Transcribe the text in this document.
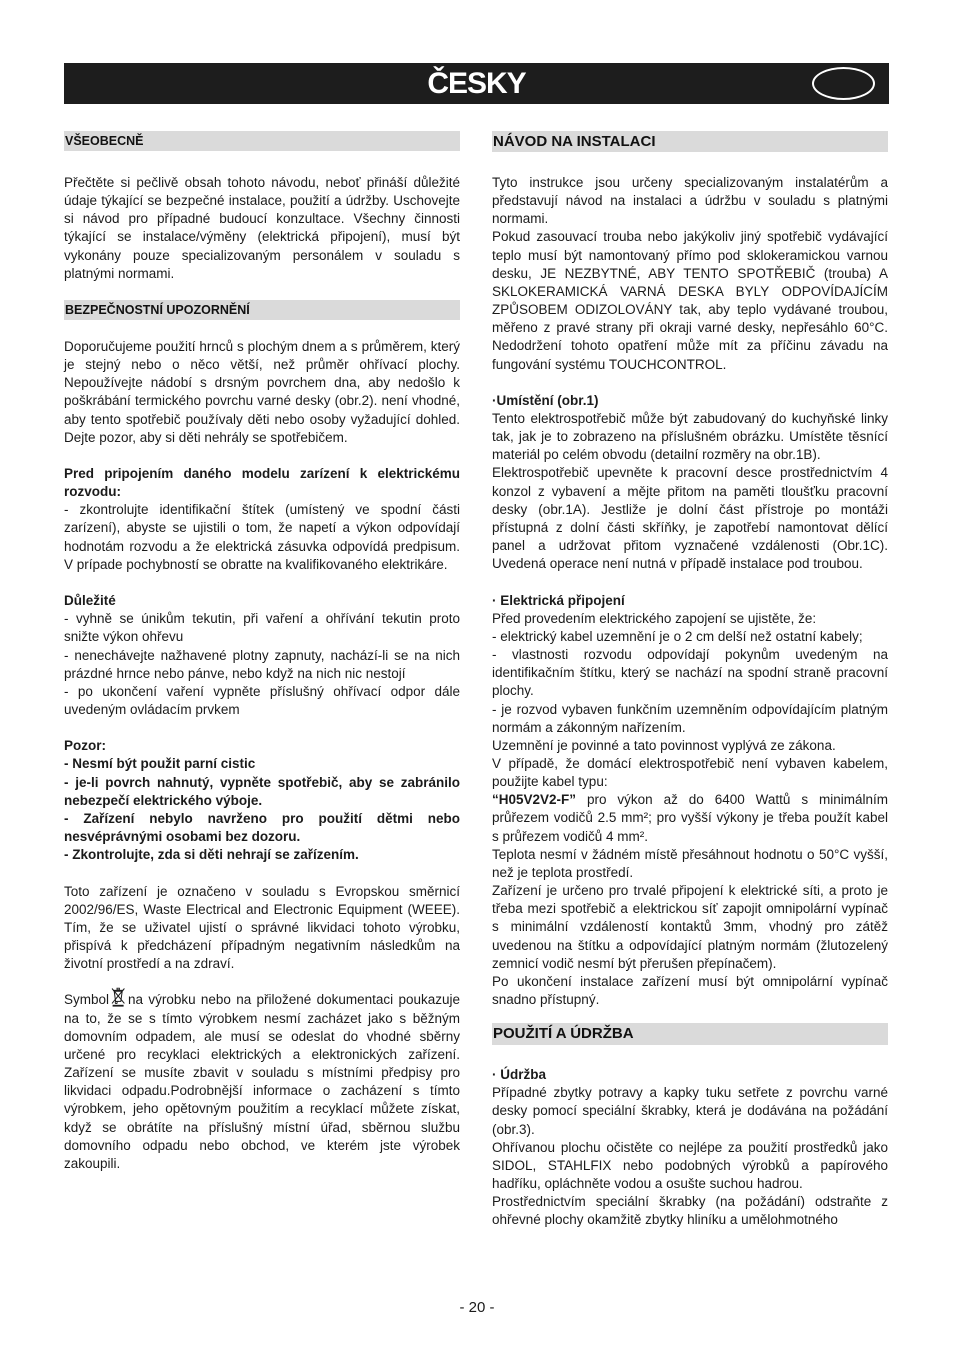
ČESKY
VŠEOBECNĚ
Přečtěte si pečlivě obsah tohoto návodu, neboť přináší důležité údaje týkající se bezpečné instalace, použití a údržby. Uschovejte si návod pro případné budoucí konzultace. Všechny činnosti týkající se instalace/výměny (elektrická připojení), musí být vykonány pouze specializovaným personálem v souladu s platnými normami.
BEZPEČNOSTNÍ UPOZORNĚNÍ
Doporučujeme použití hrnců s plochým dnem a s průměrem, který je stejný nebo o něco větší, než průměr ohřívací plochy. Nepoužívejte nádobí s drsným povrchem dna, aby nedošlo k poškrábání termického povrchu varné desky (obr.2). není vhodné, aby tento spotřebič používaly děti nebo osoby vyžadující dohled. Dejte pozor, aby si děti nehrály se spotřebičem.
Pred pripojením daného modelu zarízení k elektrickému rozvodu:
- zkontrolujte identifikační štítek (umístený ve spodní části zarízení), abyste se ujistili o tom, že napetí a výkon odpovídají hodnotám rozvodu a že elektrická zásuvka odpovídá predpisum. V prípade pochybností se obratte na kvalifikovaného elektrikáre.
Důležité
- vyhně se únikům tekutin, při vaření a ohřívání tekutin proto snižte výkon ohřevu
- nenechávejte nažhavené plotny zapnuty, nachází-li se na nich prázdné hrnce nebo pánve, nebo když na nich nic nestojí
- po ukončení vaření vypněte příslušný ohřívací odpor dále uvedeným ovládacím prvkem
Pozor:
- Nesmí být použit parní cistic
- je-li povrch nahnutý, vypněte spotřebič, aby se zabránilo nebezpečí elektrického výboje.
- Zařízení nebylo navrženo pro použití dětmi nebo nesvéprávnými osobami bez dozoru.
- Zkontrolujte, zda si děti nehrají se zařízením.
Toto zařízení je označeno v souladu s Evropskou směrnicí 2002/96/ES, Waste Electrical and Electronic Equipment (WEEE). Tím, že se uživatel ujistí o správné likvidaci tohoto výrobku, přispívá k předcházení případným negativním následkům na životní prostředí a na zdraví.
Symbol na výrobku nebo na přiložené dokumentaci poukazuje na to, že se s tímto výrobkem nesmí zacházet jako s běžným domovním odpadem, ale musí se odeslat do vhodné sběrny určené pro recyklaci elektrických a elektronických zařízení. Zařízení se musíte zbavit v souladu s místními předpisy pro likvidaci odpadu.Podrobnější informace o zacházení s tímto výrobkem, jeho opětovným použitím a recyklací můžete získat, když se obrátíte na příslušný místní úřad, sběrnou službu domovního odpadu nebo obchod, ve kterém jste výrobek zakoupili.
NÁVOD NA INSTALACI
Tyto instrukce jsou určeny specializovaným instalatérům a představují návod na instalaci a údržbu v souladu s platnými normami.
Pokud zasouvací trouba nebo jakýkoliv jiný spotřebič vydávající teplo musí být namontovaný přímo pod sklokeramickou varnou desku, JE NEZBYTNÉ, ABY TENTO SPOTŘEBIČ (trouba) A SKLOKERAMICKÁ VARNÁ DESKA BYLY ODPOVÍDAJÍCÍM ZPŮSOBEM ODIZOLOVÁNY tak, aby teplo vydávané troubou, měřeno z pravé strany při okraji varné desky, nepřesáhlo 60°C. Nedodržení tohoto opatření může mít za příčinu závadu na fungování systému TOUCHCONTROL.
·Umístění (obr.1)
Tento elektrospotřebič může být zabudovaný do kuchyňské linky tak, jak je to zobrazeno na příslušném obrázku. Umístěte těsnící materiál po celém obvodu (detailní rozměry na obr.1B).
Elektrospotřebič upevněte k pracovní desce prostřednictvím 4 konzol z vybavení a mějte přitom na paměti tloušťku pracovní desky (obr.1A). Jestliže je dolní část přístroje po montáži přístupná z dolní části skříňky, je zapotřebí namontovat dělící panel a udržovat přitom vyznačené vzdálenosti (Obr.1C). Uvedená operace není nutná v případě instalace pod troubou.
· Elektrická připojení
Před provedením elektrického zapojení se ujistěte, že:
- elektrický kabel uzemnění je o 2 cm delší než ostatní kabely;
- vlastnosti rozvodu odpovídají pokynům uvedeným na identifikačním štítku, který se nachází na spodní straně pracovní plochy.
- je rozvod vybaven funkčním uzemněním odpovídajícím platným normám a zákonným nařízením.
Uzemnění je povinné a tato povinnost vyplývá ze zákona.
V případě, že domácí elektrospotřebič není vybaven kabelem, použijte kabel typu:
“H05V2V2-F” pro výkon až do 6400 Wattů s minimálním průřezem vodičů 2.5 mm²; pro vyšší výkony je třeba použít kabel s průřezem vodičů 4 mm².
Teplota nesmí v žádném místě přesáhnout hodnotu o 50°C vyšší, než je teplota prostředí.
Zařízení je určeno pro trvalé připojení k elektrické síti, a proto je třeba mezi spotřebič a elektrickou síť zapojit omnipolární vypínač s minimální vzdáleností kontaktů 3mm, vhodný pro zátěž uvedenou na štítku a odpovídající platným normám (žlutozelený zemnicí vodič nesmí být přerušen přepínačem).
Po ukončení instalace zařízení musí být omnipolární vypínač snadno přístupný.
POUŽITÍ A ÚDRŽBA
· Údržba
Případné zbytky potravy a kapky tuku setřete z povrchu varné desky pomocí speciální škrabky, která je dodávána na požádání (obr.3).
Ohřívanou plochu očistěte co nejlépe za použití prostředků jako SIDOL, STAHLFIX nebo podobných výrobků a papírového hadříku, opláchněte vodou a osušte suchou hadrou.
Prostřednictvím speciální škrabky (na požádání) odstraňte z ohřevné plochy okamžitě zbytky hliníku a umělohmotného
- 20 -
